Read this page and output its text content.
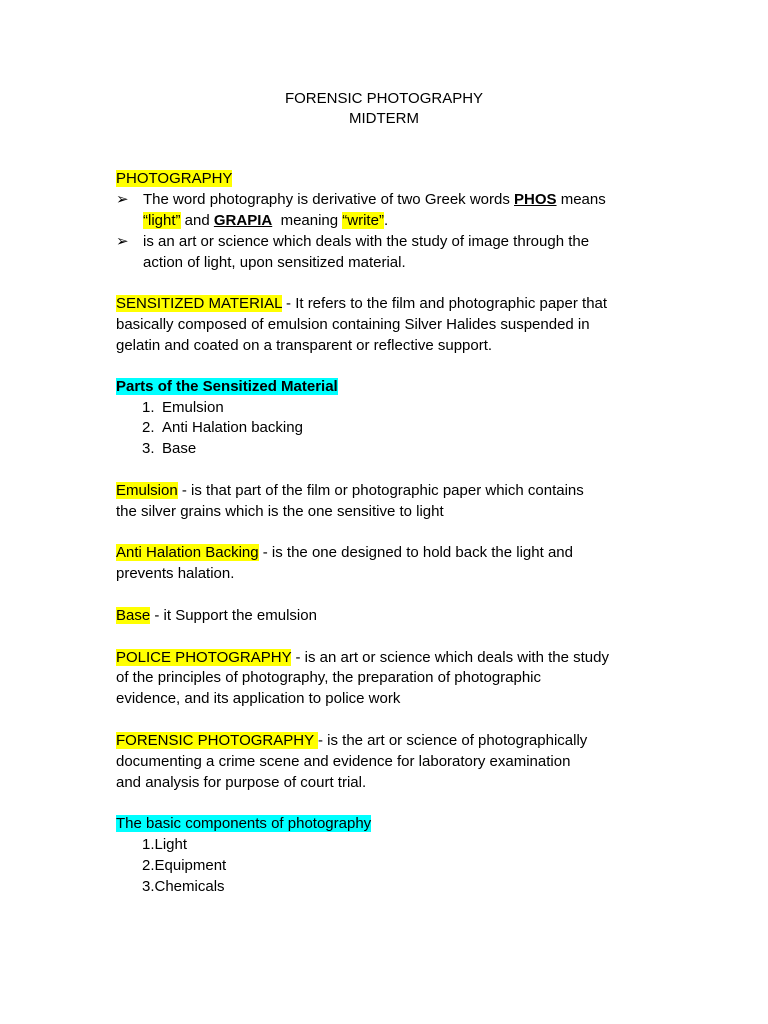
FORENSIC PHOTOGRAPHY
MIDTERM
PHOTOGRAPHY
➢ The word photography is derivative of two Greek words PHOS means
“light” and GRAPIA  meaning “write”.
➢ is an art or science which deals with the study of image through the
action of light, upon sensitized material.
SENSITIZED MATERIAL - It refers to the film and photographic paper that
basically composed of emulsion containing Silver Halides suspended in
gelatin and coated on a transparent or reflective support.
Parts of the Sensitized Material
1. Emulsion
2. Anti Halation backing
3. Base
Emulsion - is that part of the film or photographic paper which contains
the silver grains which is the one sensitive to light
Anti Halation Backing - is the one designed to hold back the light and
prevents halation.
Base - it Support the emulsion
POLICE PHOTOGRAPHY - is an art or science which deals with the study
of the principles of photography, the preparation of photographic
evidence, and its application to police work
FORENSIC PHOTOGRAPHY - is the art or science of photographically
documenting a crime scene and evidence for laboratory examination
and analysis for purpose of court trial.
The basic components of photography
1.Light
2.Equipment
3.Chemicals
